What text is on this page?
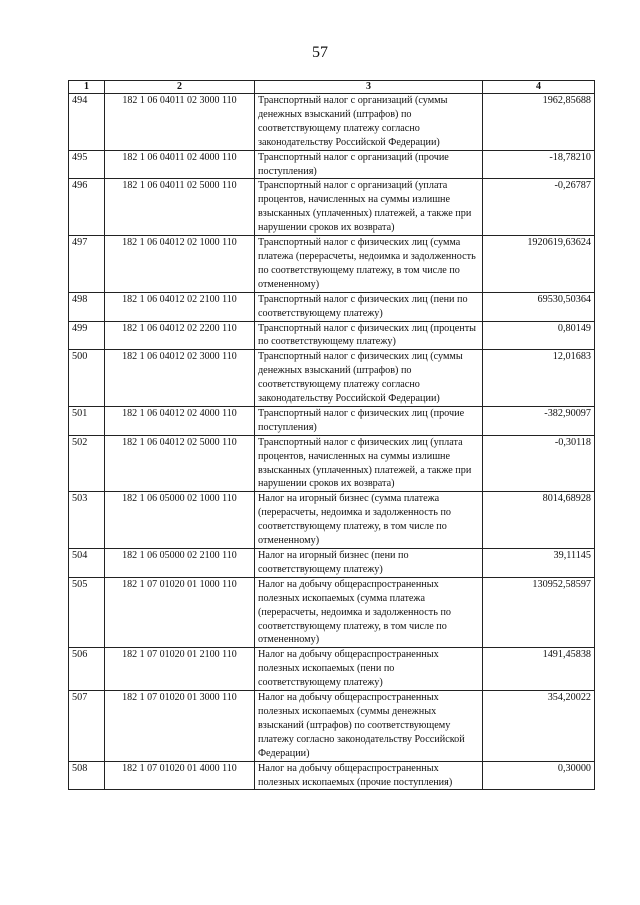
57
1	2	3	4
494	182 1 06 04011 02 3000 110	Транспортный налог с организаций (суммы денежных взысканий (штрафов) по соответствующему платежу согласно законодательству Российской Федерации)	1962,85688
495	182 1 06 04011 02 4000 110	Транспортный налог с организаций (прочие поступления)	-18,78210
496	182 1 06 04011 02 5000 110	Транспортный налог с организаций (уплата процентов, начисленных на суммы излишне взысканных (уплаченных) платежей, а также при нарушении сроков их возврата)	-0,26787
497	182 1 06 04012 02 1000 110	Транспортный налог с физических лиц (сумма платежа (перерасчеты, недоимка и задолженность по соответствующему платежу, в том числе по отмененному)	1920619,63624
498	182 1 06 04012 02 2100 110	Транспортный налог с физических лиц (пени по соответствующему платежу)	69530,50364
499	182 1 06 04012 02 2200 110	Транспортный налог с физических лиц (проценты по соответствующему платежу)	0,80149
500	182 1 06 04012 02 3000 110	Транспортный налог с физических лиц (суммы денежных взысканий (штрафов) по соответствующему платежу согласно законодательству Российской Федерации)	12,01683
501	182 1 06 04012 02 4000 110	Транспортный налог с физических лиц (прочие поступления)	-382,90097
502	182 1 06 04012 02 5000 110	Транспортный налог с физических лиц (уплата процентов, начисленных на суммы излишне взысканных (уплаченных) платежей, а также при нарушении сроков их возврата)	-0,30118
503	182 1 06 05000 02 1000 110	Налог на игорный бизнес (сумма платежа (перерасчеты, недоимка и задолженность по соответствующему платежу, в том числе по отмененному)	8014,68928
504	182 1 06 05000 02 2100 110	Налог на игорный бизнес (пени по соответствующему платежу)	39,11145
505	182 1 07 01020 01 1000 110	Налог на добычу общераспространенных полезных ископаемых (сумма платежа (перерасчеты, недоимка и задолженность по соответствующему платежу, в том числе по отмененному)	130952,58597
506	182 1 07 01020 01 2100 110	Налог на добычу общераспространенных полезных ископаемых (пени по соответствующему платежу)	1491,45838
507	182 1 07 01020 01 3000 110	Налог на добычу общераспространенных полезных ископаемых (суммы денежных взысканий (штрафов) по соответствующему платежу согласно законодательству Российской Федерации)	354,20022
508	182 1 07 01020 01 4000 110	Налог на добычу общераспространенных полезных ископаемых (прочие поступления)	0,30000
